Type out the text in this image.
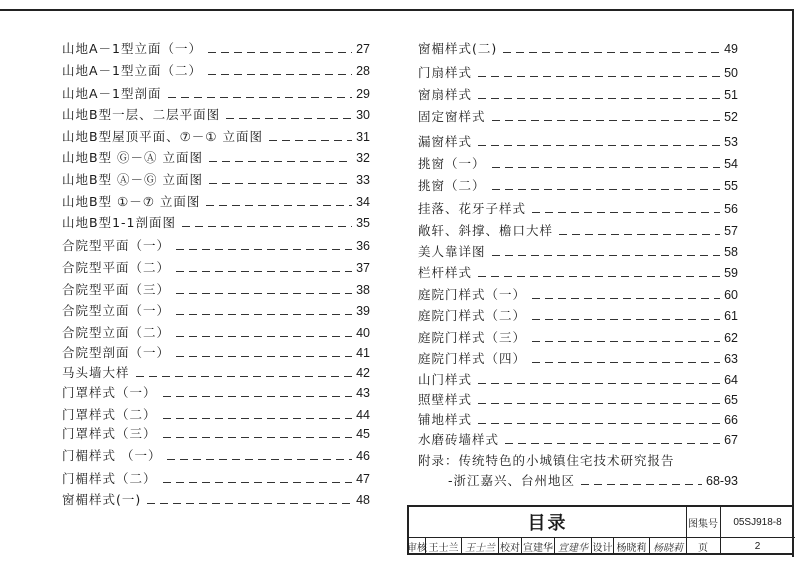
山地A－1型立面（一）	27
山地A－1型立面（二）	28
山地A－1型剖面	29
山地B型一层、二层平面图	30
山地B型屋顶平面、⑦－① 立面图	31
山地B型 Ⓖ－Ⓐ 立面图	32
山地B型 Ⓐ－Ⓖ 立面图	33
山地B型 ①－⑦ 立面图	34
山地B型1-1剖面图	35
合院型平面（一）	36
合院型平面（二）	37
合院型平面（三）	38
合院型立面（一）	39
合院型立面（二）	40
合院型剖面（一）	41
马头墙大样	42
门罩样式（一）	43
门罩样式（二）	44
门罩样式（三）	45
门楣样式 （一）	46
门楣样式（二）	47
窗楣样式(一)	48
窗楣样式(二)	49
门扇样式	50
窗扇样式	51
固定窗样式	52
漏窗样式	53
挑窗（一）	54
挑窗（二）	55
挂落、花牙子样式	56
敞轩、斜撑、檐口大样	57
美人靠详图	58
栏杆样式	59
庭院门样式（一）	60
庭院门样式（二）	61
庭院门样式（三）	62
庭院门样式（四）	63
山门样式	64
照壁样式	65
铺地样式	66
水磨砖墙样式	67
-浙江嘉兴、台州地区	68-93
附录：传统特色的小城镇住宅技术研究报告
目录	图集号	05SJ918-8
审核 王士兰 王士兰 校对 宣建华 宣建华 设计 杨晓莉 杨晓莉	页	2
